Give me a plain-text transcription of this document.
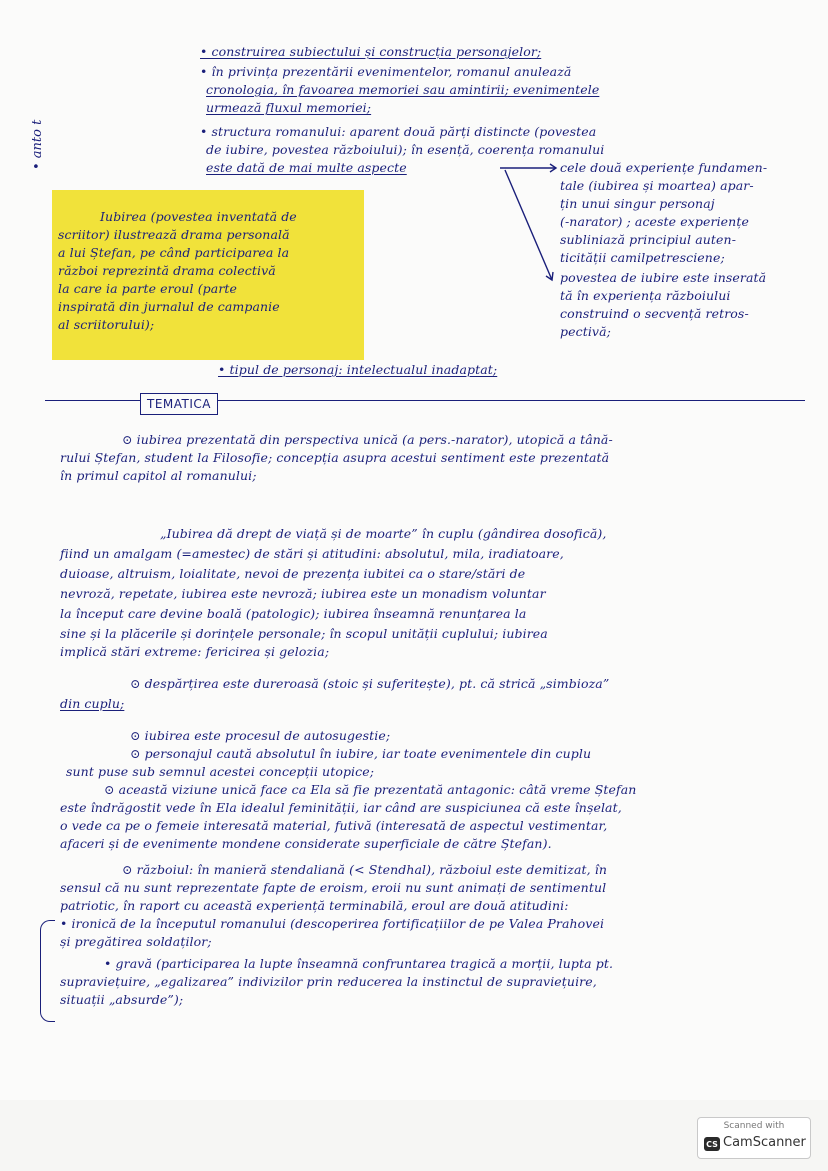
• anto t
• construirea subiectului și construcția personajelor;
• în privința prezentării evenimentelor, romanul anulează
cronologia, în favoarea memoriei sau amintirii; evenimentele
urmează fluxul memoriei;
• structura romanului: aparent două părți distincte (povestea
de iubire, povestea războiului); în esență, coerența romanului
este dată de mai multe aspecte	cele două experiențe fundamen-
tale (iubirea și moartea) apar-
țin unui singur personaj
(-narator) ; aceste experiențe
subliniază principiul auten-
ticității camilpetresciene;
povestea de iubire este inserată
tă în experiența războiului
construind o secvență retros-
pectivă;
Iubirea (povestea inventată de
scriitor) ilustrează drama personală
a lui Ștefan, pe când participarea la
război reprezintă drama colectivă
la care ia parte eroul (parte
inspirată din jurnalul de campanie
al scriitorului);
• tipul de personaj: intelectualul inadaptat;
TEMATICA
⊙ iubirea prezentată din perspectiva unică (a pers.-narator), utopică a tână-
rului Ștefan, student la Filosofie; concepția asupra acestui sentiment este prezentată
în primul capitol al romanului;
„Iubirea dă drept de viață și de moarte” în cuplu (gândirea dosofică),
fiind un amalgam (=amestec) de stări și atitudini: absolutul, mila, iradiatoare,
duioase, altruism, loialitate, nevoi de prezența iubitei ca o stare/stări de
nevroză, repetate, iubirea este nevroză; iubirea este un monadism voluntar
la început care devine boală (patologic); iubirea înseamnă renunțarea la
sine și la plăcerile și dorințele personale; în scopul unității cuplului; iubirea
implică stări extreme: fericirea și gelozia;
⊙ despărțirea este dureroasă (stoic și suferitește), pt. că strică „simbioza”
din cuplu;
⊙ iubirea este procesul de autosugestie;
⊙ personajul caută absolutul în iubire, iar toate evenimentele din cuplu
sunt puse sub semnul acestei concepții utopice;
⊙ această viziune unică face ca Ela să fie prezentată antagonic: câtă vreme Ștefan
este îndrăgostit vede în Ela idealul feminității, iar când are suspiciunea că este înșelat,
o vede ca pe o femeie interesată material, futivă (interesată de aspectul vestimentar,
afaceri și de evenimente mondene considerate superficiale de către Ștefan).
⊙ războiul: în manieră stendaliană (< Stendhal), războiul este demitizat, în
sensul că nu sunt reprezentate fapte de eroism, eroii nu sunt animați de sentimentul
patriotic, în raport cu această experiență terminabilă, eroul are două atitudini:
• ironică de la începutul romanului (descoperirea fortificațiilor de pe Valea Prahovei
și pregătirea soldaților;
• gravă (participarea la lupte înseamnă confruntarea tragică a morții, lupta pt.
supraviețuire, „egalizarea” indivizilor prin reducerea la instinctul de supraviețuire,
situații „absurde”);
Scanned with
CS CamScanner
